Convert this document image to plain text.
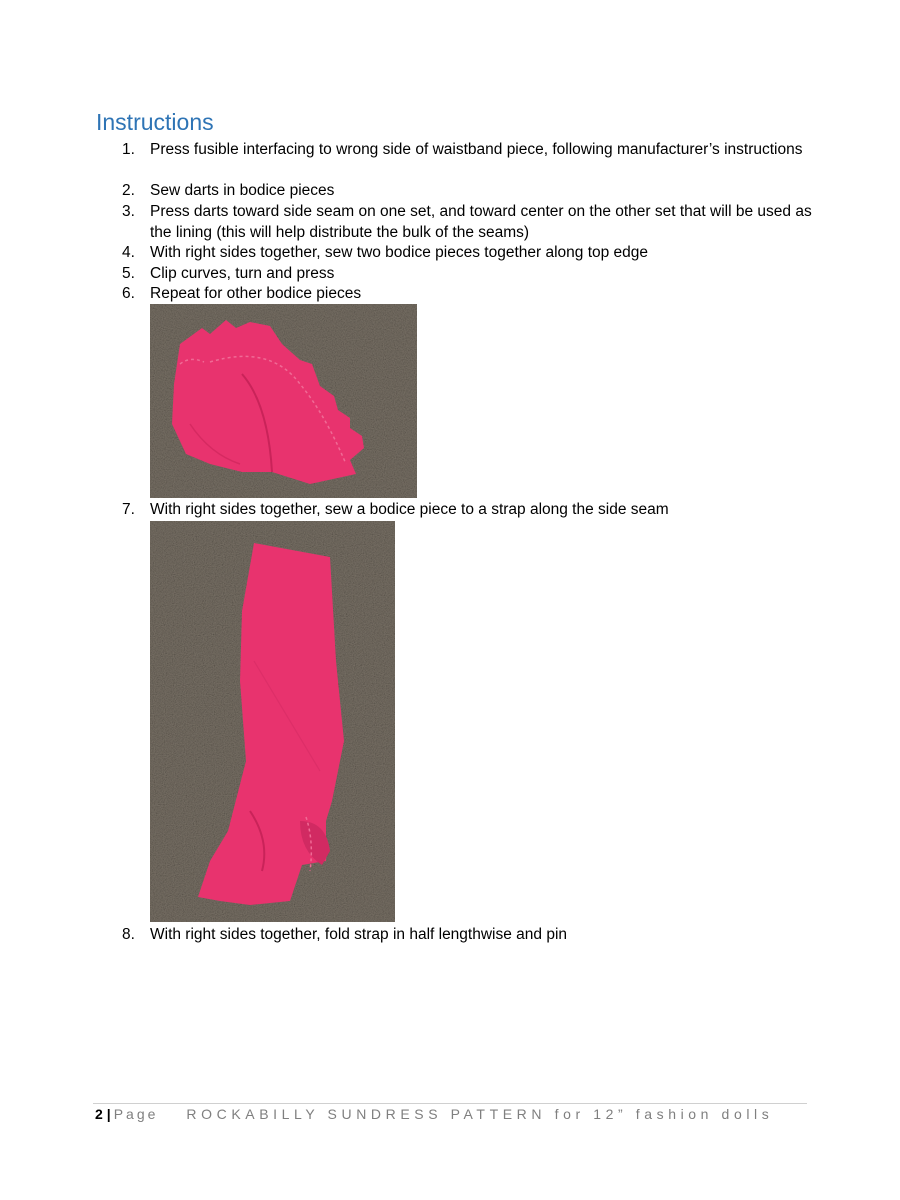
Instructions
1. Press fusible interfacing to wrong side of waistband piece, following manufacturer’s instructions
2. Sew darts in bodice pieces
3. Press darts toward side seam on one set, and toward center on the other set that will be used as the lining (this will help distribute the bulk of the seams)
4. With right sides together, sew two bodice pieces together along top edge
5. Clip curves, turn and press
6. Repeat for other bodice pieces
7. With right sides together, sew a bodice piece to a strap along the side seam
8. With right sides together, fold strap in half lengthwise and pin
2 | Page ROCKABILLY SUNDRESS PATTERN for 12” fashion dolls
